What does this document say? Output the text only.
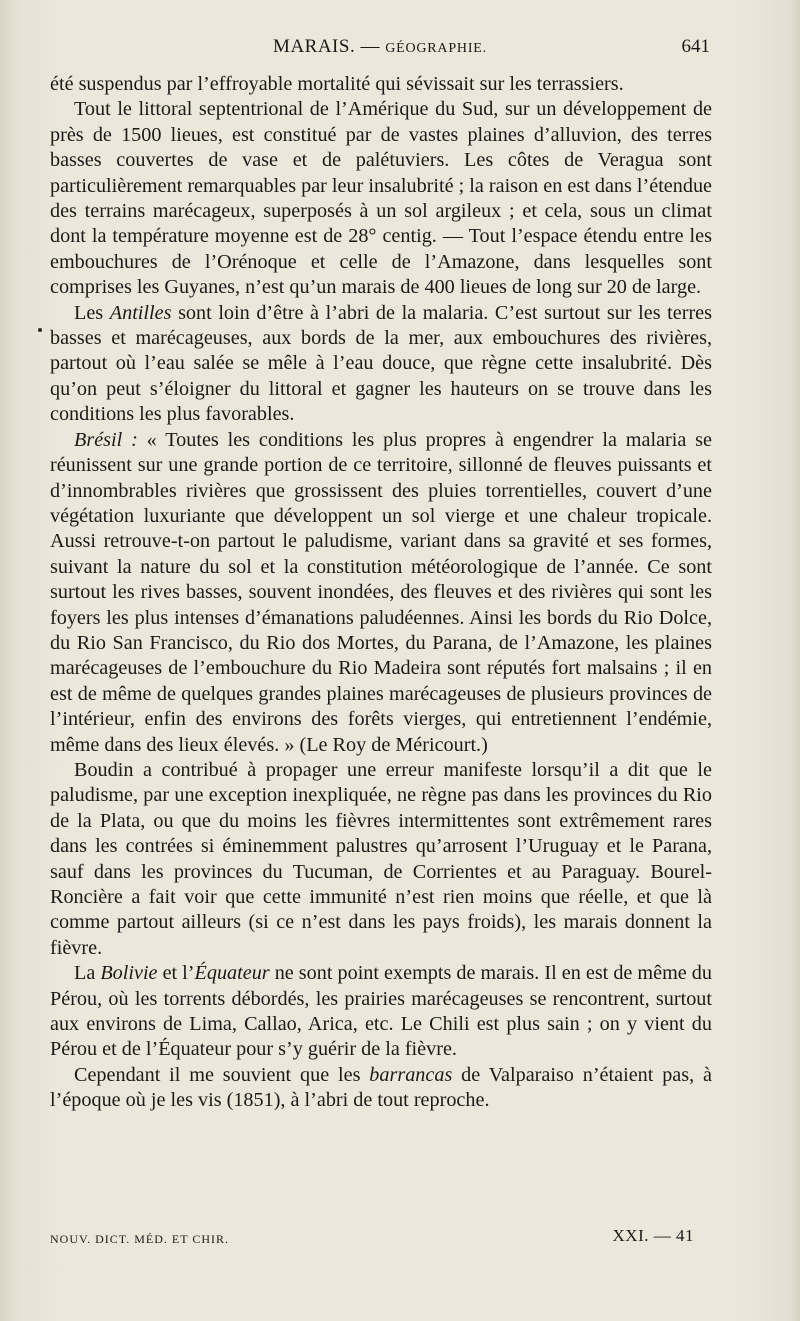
MARAIS. — GÉOGRAPHIE.	641

été suspendus par l’effroyable mortalité qui sévissait sur les terrassiers.

Tout le littoral septentrional de l’Amérique du Sud, sur un développement de près de 1500 lieues, est constitué par de vastes plaines d’alluvion, des terres basses couvertes de vase et de palétuviers. Les côtes de Veragua sont particulièrement remarquables par leur insalubrité ; la raison en est dans l’étendue des terrains marécageux, superposés à un sol argileux ; et cela, sous un climat dont la température moyenne est de 28° centig. — Tout l’espace étendu entre les embouchures de l’Orénoque et celle de l’Amazone, dans lesquelles sont comprises les Guyanes, n’est qu’un marais de 400 lieues de long sur 20 de large.

Les Antilles sont loin d’être à l’abri de la malaria. C’est surtout sur les terres basses et marécageuses, aux bords de la mer, aux embouchures des rivières, partout où l’eau salée se mêle à l’eau douce, que règne cette insalubrité. Dès qu’on peut s’éloigner du littoral et gagner les hauteurs on se trouve dans les conditions les plus favorables.

Brésil : « Toutes les conditions les plus propres à engendrer la malaria se réunissent sur une grande portion de ce territoire, sillonné de fleuves puissants et d’innombrables rivières que grossissent des pluies torrentielles, couvert d’une végétation luxuriante que développent un sol vierge et une chaleur tropicale. Aussi retrouve-t-on partout le paludisme, variant dans sa gravité et ses formes, suivant la nature du sol et la constitution météorologique de l’année. Ce sont surtout les rives basses, souvent inondées, des fleuves et des rivières qui sont les foyers les plus intenses d’émanations paludéennes. Ainsi les bords du Rio Dolce, du Rio San Francisco, du Rio dos Mortes, du Parana, de l’Amazone, les plaines marécageuses de l’embouchure du Rio Madeira sont réputés fort malsains ; il en est de même de quelques grandes plaines marécageuses de plusieurs provinces de l’intérieur, enfin des environs des forêts vierges, qui entretiennent l’endémie, même dans des lieux élevés. » (Le Roy de Méricourt.)

Boudin a contribué à propager une erreur manifeste lorsqu’il a dit que le paludisme, par une exception inexpliquée, ne règne pas dans les provinces du Rio de la Plata, ou que du moins les fièvres intermittentes sont extrêmement rares dans les contrées si éminemment palustres qu’arrosent l’Uruguay et le Parana, sauf dans les provinces du Tucuman, de Corrientes et au Paraguay. Bourel-Roncière a fait voir que cette immunité n’est rien moins que réelle, et que là comme partout ailleurs (si ce n’est dans les pays froids), les marais donnent la fièvre.

La Bolivie et l’Équateur ne sont point exempts de marais. Il en est de même du Pérou, où les torrents débordés, les prairies marécageuses se rencontrent, surtout aux environs de Lima, Callao, Arica, etc. Le Chili est plus sain ; on y vient du Pérou et de l’Équateur pour s’y guérir de la fièvre.

Cependant il me souvient que les barrancas de Valparaiso n’étaient pas, à l’époque où je les vis (1851), à l’abri de tout reproche.

NOUV. DICT. MÉD. ET CHIR.	XXI. — 41
